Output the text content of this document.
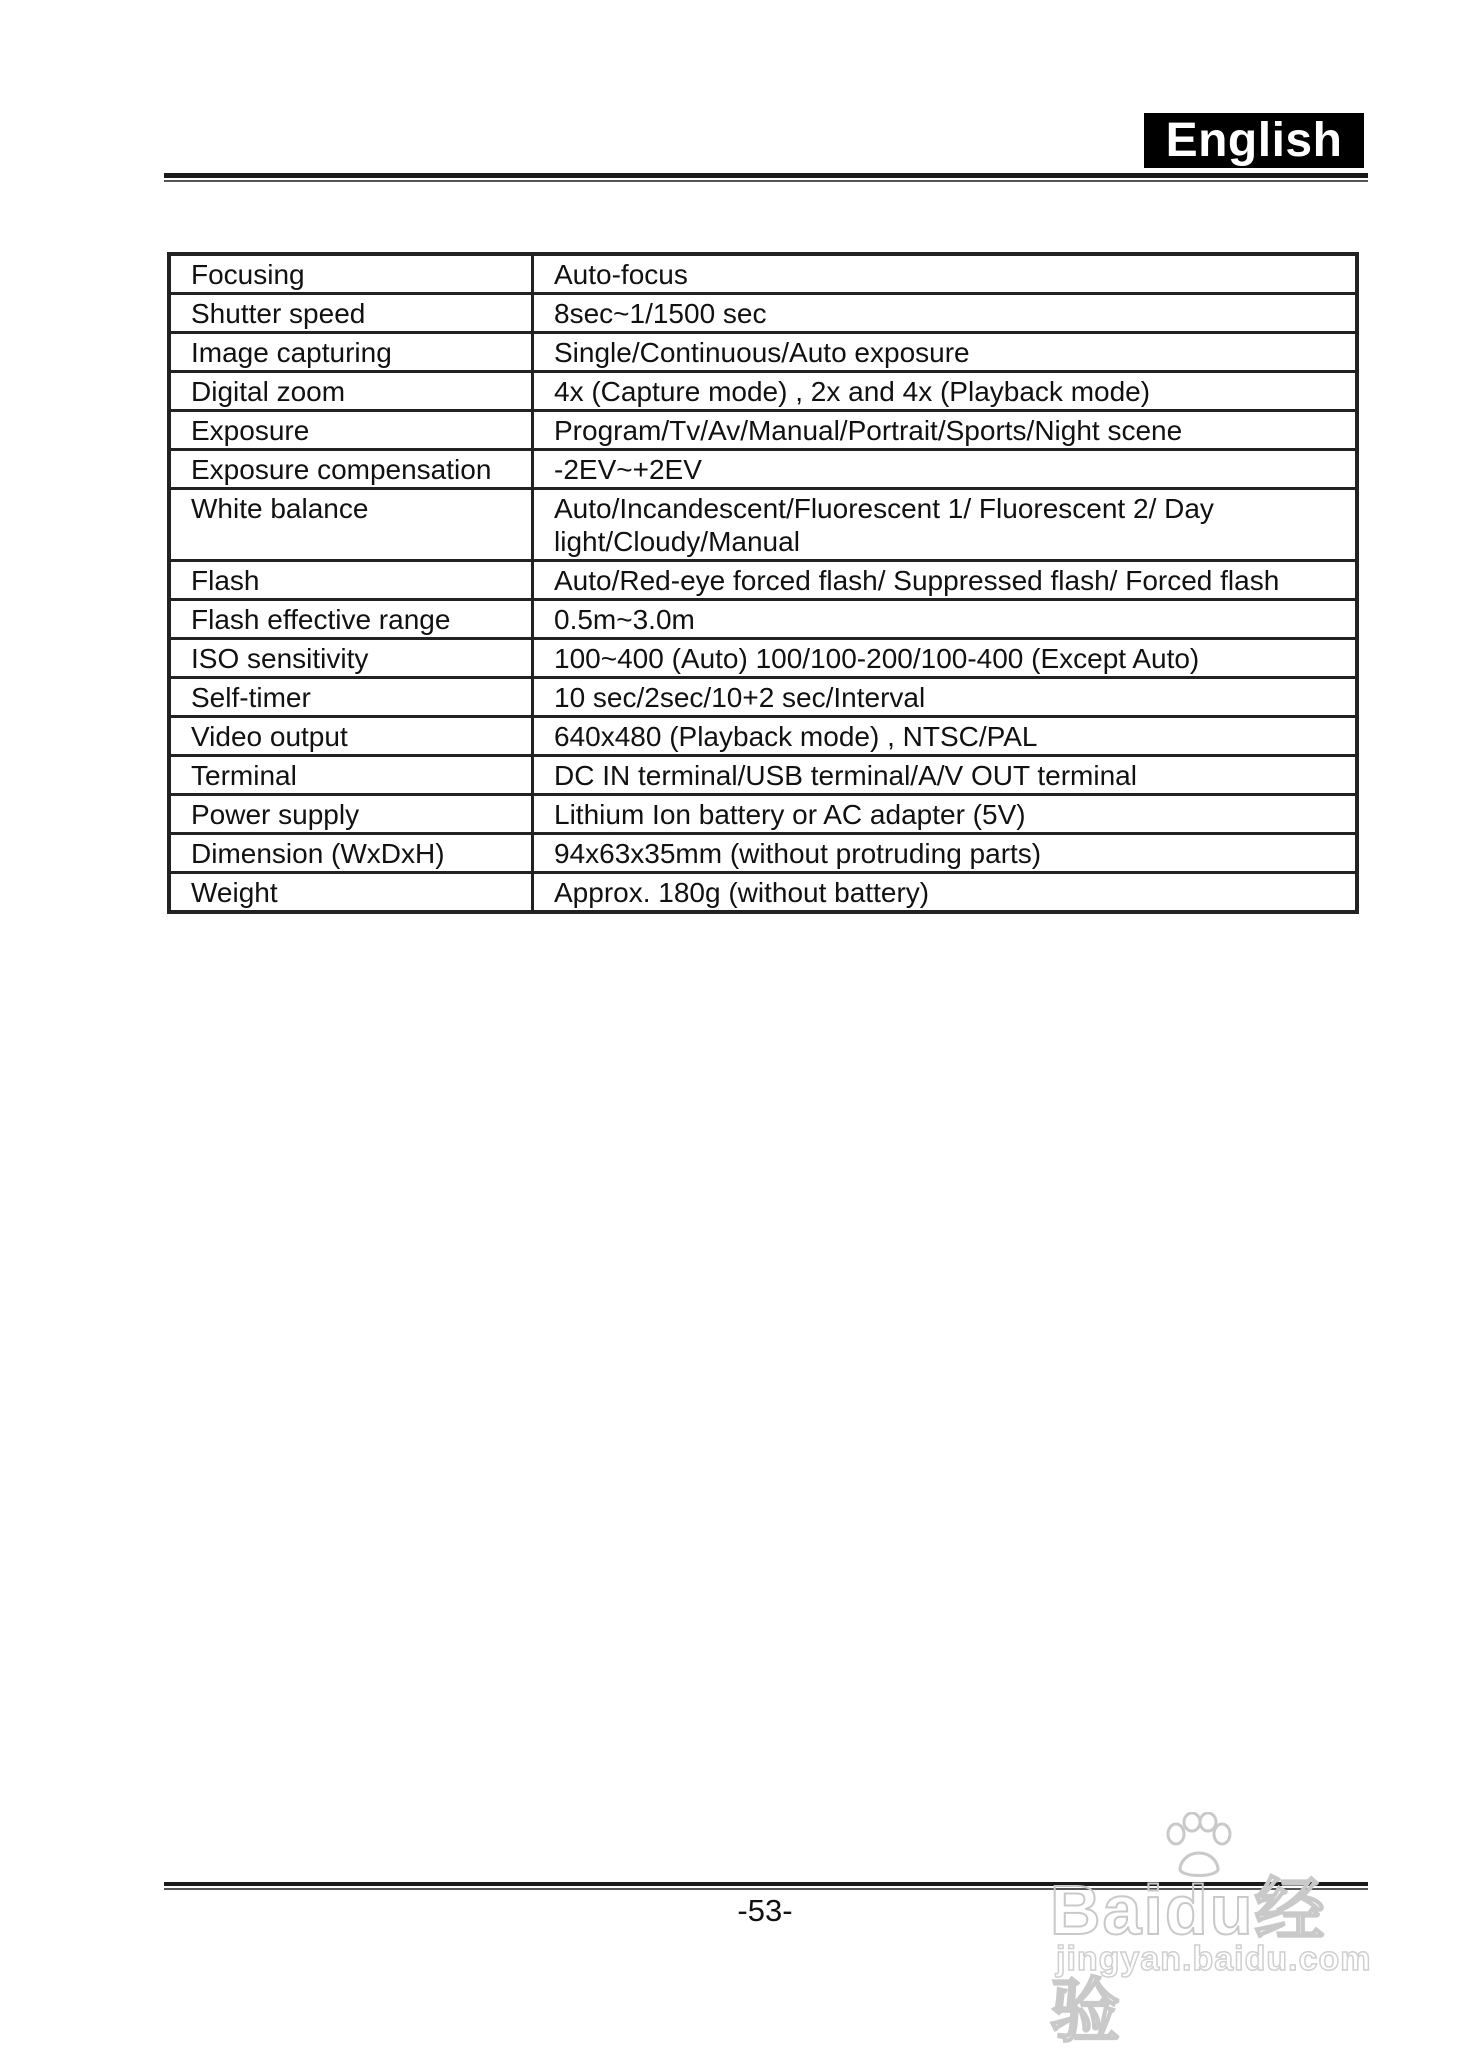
English
Focusing	Auto-focus
Shutter speed	8sec~1/1500 sec
Image capturing	Single/Continuous/Auto exposure
Digital zoom	4x (Capture mode) , 2x and 4x (Playback mode)
Exposure	Program/Tv/Av/Manual/Portrait/Sports/Night scene
Exposure compensation	-2EV~+2EV
White balance	Auto/Incandescent/Fluorescent 1/ Fluorescent 2/ Day light/Cloudy/Manual
Flash	Auto/Red-eye forced flash/ Suppressed flash/ Forced flash
Flash effective range	0.5m~3.0m
ISO sensitivity	100~400 (Auto) 100/100-200/100-400 (Except Auto)
Self-timer	10 sec/2sec/10+2 sec/Interval
Video output	640x480 (Playback mode) , NTSC/PAL
Terminal	DC IN terminal/USB terminal/A/V OUT terminal
Power supply	Lithium Ion battery or AC adapter (5V)
Dimension (WxDxH)	94x63x35mm (without protruding parts)
Weight	Approx. 180g (without battery)
-53-	Baidu经验
jingyan.baidu.com
